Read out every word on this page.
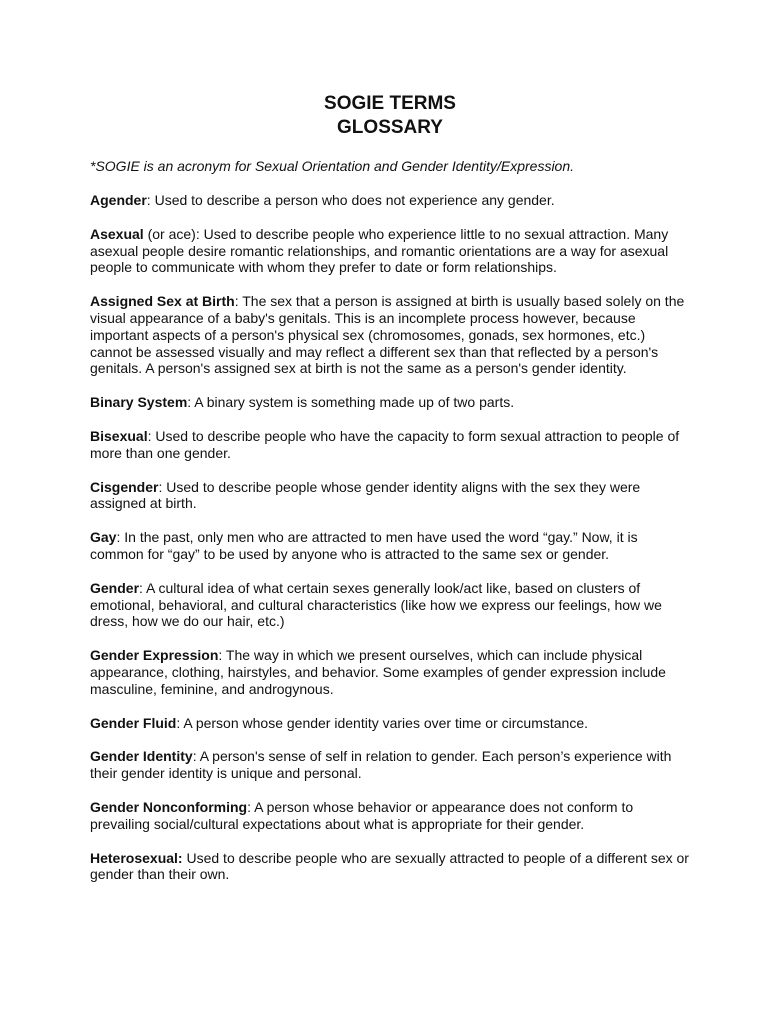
SOGIE TERMS
GLOSSARY

*SOGIE is an acronym for Sexual Orientation and Gender Identity/Expression.

Agender: Used to describe a person who does not experience any gender.

Asexual (or ace): Used to describe people who experience little to no sexual attraction. Many asexual people desire romantic relationships, and romantic orientations are a way for asexual people to communicate with whom they prefer to date or form relationships.

Assigned Sex at Birth: The sex that a person is assigned at birth is usually based solely on the visual appearance of a baby's genitals. This is an incomplete process however, because important aspects of a person's physical sex (chromosomes, gonads, sex hormones, etc.) cannot be assessed visually and may reflect a different sex than that reflected by a person's genitals. A person's assigned sex at birth is not the same as a person's gender identity.

Binary System: A binary system is something made up of two parts.

Bisexual: Used to describe people who have the capacity to form sexual attraction to people of more than one gender.

Cisgender: Used to describe people whose gender identity aligns with the sex they were assigned at birth.

Gay: In the past, only men who are attracted to men have used the word “gay.” Now, it is common for “gay” to be used by anyone who is attracted to the same sex or gender.

Gender: A cultural idea of what certain sexes generally look/act like, based on clusters of emotional, behavioral, and cultural characteristics (like how we express our feelings, how we dress, how we do our hair, etc.)

Gender Expression: The way in which we present ourselves, which can include physical appearance, clothing, hairstyles, and behavior. Some examples of gender expression include masculine, feminine, and androgynous.

Gender Fluid: A person whose gender identity varies over time or circumstance.

Gender Identity: A person's sense of self in relation to gender. Each person’s experience with their gender identity is unique and personal.

Gender Nonconforming: A person whose behavior or appearance does not conform to prevailing social/cultural expectations about what is appropriate for their gender.

Heterosexual: Used to describe people who are sexually attracted to people of a different sex or gender than their own.
